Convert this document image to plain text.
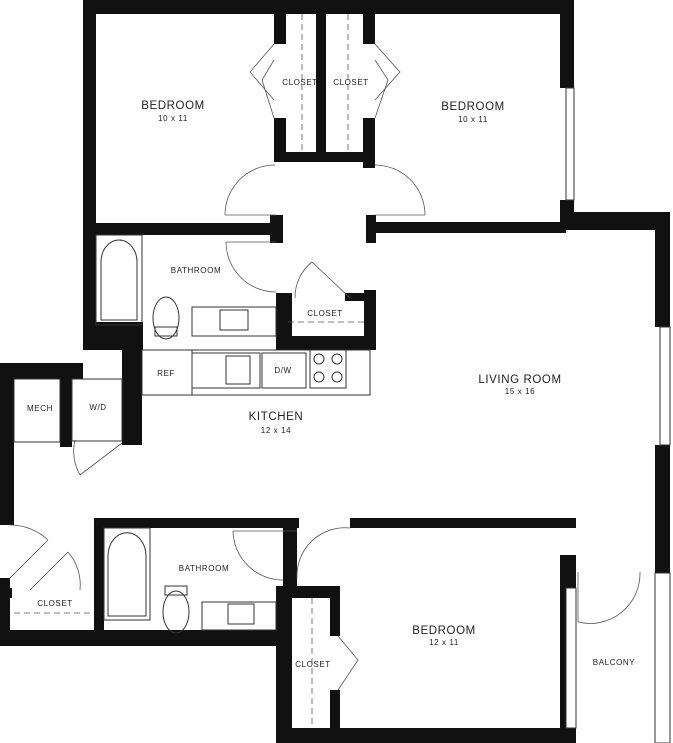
BEDROOM
10 x 11
BEDROOM
10 x 11
CLOSET CLOSET
BATHROOM
CLOSET
REF	D/W
MECH	W/D
KITCHEN
12 x 14
LIVING ROOM
15 x 16
BATHROOM
CLOSET
CLOSET
BEDROOM
12 x 11
BALCONY
